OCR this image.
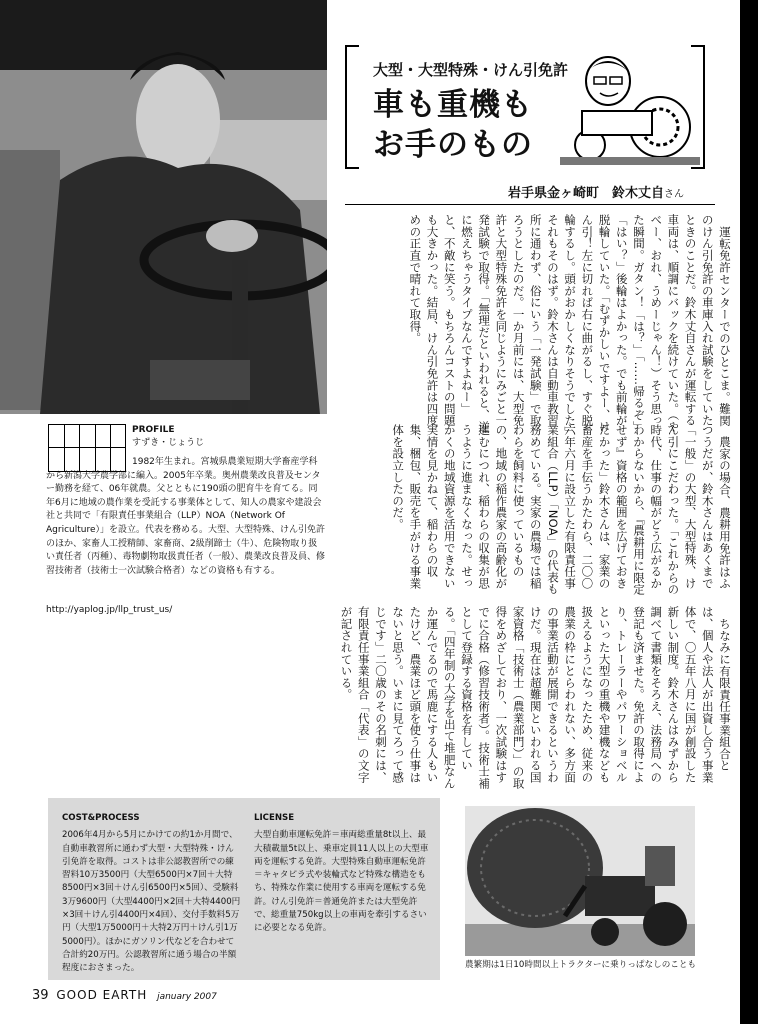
大型・大型特殊・けん引免許
車も重機も
お手のもの
岩手県金ヶ崎町　鈴木丈自さん

運転免許センターでのひとこま。難関のけん引免許の車庫入れ試験をしていたときのことだ。鈴木丈自さんが運転する車両は、順調にバックを続けていた。（やベー、おれ、うめーじゃん！）そう思った瞬間。ガタン！「は？」「……帰るぞ」「はい？」後輪はよかった。でも前輪が脱輪していた。「むずかしいですよー、けん引！左に切れば右に曲がるし、すぐ脱輪するし。頭がおかしくなりそうでした」それもそのはず。鈴木さんは自動車教習所に通わず、俗にいう「一発試験」で取ろうとしたのだ。一か月前には、大型免許と大型特殊免許を同じようにみごと一発試験で取得。「無理だといわれると、逆に燃えちゃうタイプなんですよねー」と、不敵に笑う。もちろんコストの問題も大きかった。結局、けん引免許は四度めの正直で晴れて取得。

農家の場合、農耕用免許はふつうだが、鈴木さんはあくまで「一般」の大型、大型特殊、けん引にこだわった。「これからの時代、仕事の幅がどう広がるかわからないから、『農耕用に限定せず』資格の範囲を広げておきたかった」鈴木さんは、家業の畜産を手伝うかたわら、二〇〇六年六月に設立した有限責任事業組合（LLP）「NOA」の代表も務めている。実家の農場では稲わらを飼料に使っているものの、地域の稲作農家の高齢化が進むにつれ、稲わらの収集が思うように進まなくなった。せっかくの地域資源を活用できない実情を見かねて、稲わらの収集、梱包、販売を手がける事業体を設立したのだ。

ちなみに有限責任事業組合とは、個人や法人が出資し合う事業体で、〇五年八月に国が創設した新しい制度。鈴木さんはみずから調べて書類をそろえ、法務局への登記も済ませた。免許の取得により、トレーラーやパワーショベルといった大型の重機や建機なども扱えるようになったため、従来の農業の枠にとらわれない、多方面の事業活動が展開できるというわけだ。現在は超難関といわれる国家資格「技術士（農業部門）」の取得をめざしており、一次試験はすでに合格（修習技術者）。技術士補として登録する資格を有している。「四年制の大学を出て堆肥なんか運んでるので馬鹿にする人もいたけど、農業ほど頭を使う仕事はないと思う。いまに見てろって感じです」二〇歳のその名刺には、有限責任事業組合「代表」の文字が記されている。

PROFILE
すずき・じょうじ
1982年生まれ。宮城県農業短期大学畜産学科から新潟大学農学部に編入。2005年卒業。奥州農業改良普及センター勤務を経て、06年就農。父とともに190頭の肥育牛を育てる。同年6月に地域の農作業を受託する事業体として、知人の農家や建設会社と共同で「有限責任事業組合（LLP）NOA（Network Of Agriculture）」を設立。代表を務める。大型、大型特殊、けん引免許のほか、家畜人工授精師、家畜商、2級削蹄士（牛）、危険物取り扱い責任者（丙種）、毒物劇物取扱責任者（一般）、農業改良普及員、修習技術者（技術士一次試験合格者）などの資格も有する。
http://yaplog.jp/llp_trust_us/
COST&PROCESS
2006年4月から5月にかけての約1か月間で、自動車教習所に通わず大型・大型特殊・けん引免許を取得。コストは非公認教習所での練習料10万3500円（大型6500円×7回＋大特8500円×3回＋けん引6500円×5回）、受験料3万9600円（大型4400円×2回＋大特4400円×3回＋けん引4400円×4回）、交付手数料5万円（大型1万5000円＋大特2万円＋けん引1万5000円）。ほかにガソリン代などを合わせて合計約20万円。公認教習所に通う場合の半額程度におさまった。
LICENSE
大型自動車運転免許＝車両総重量8t以上、最大積載量5t以上、乗車定員11人以上の大型車両を運転する免許。大型特殊自動車運転免許＝キャタピラ式や装輪式など特殊な構造をもち、特殊な作業に使用する車両を運転する免許。けん引免許＝普通免許または大型免許で、総重量750kg以上の車両を牽引するさいに必要となる免許。
農繁期は1日10時間以上トラクターに乗りっぱなしのことも
39 GOOD EARTH january 2007
